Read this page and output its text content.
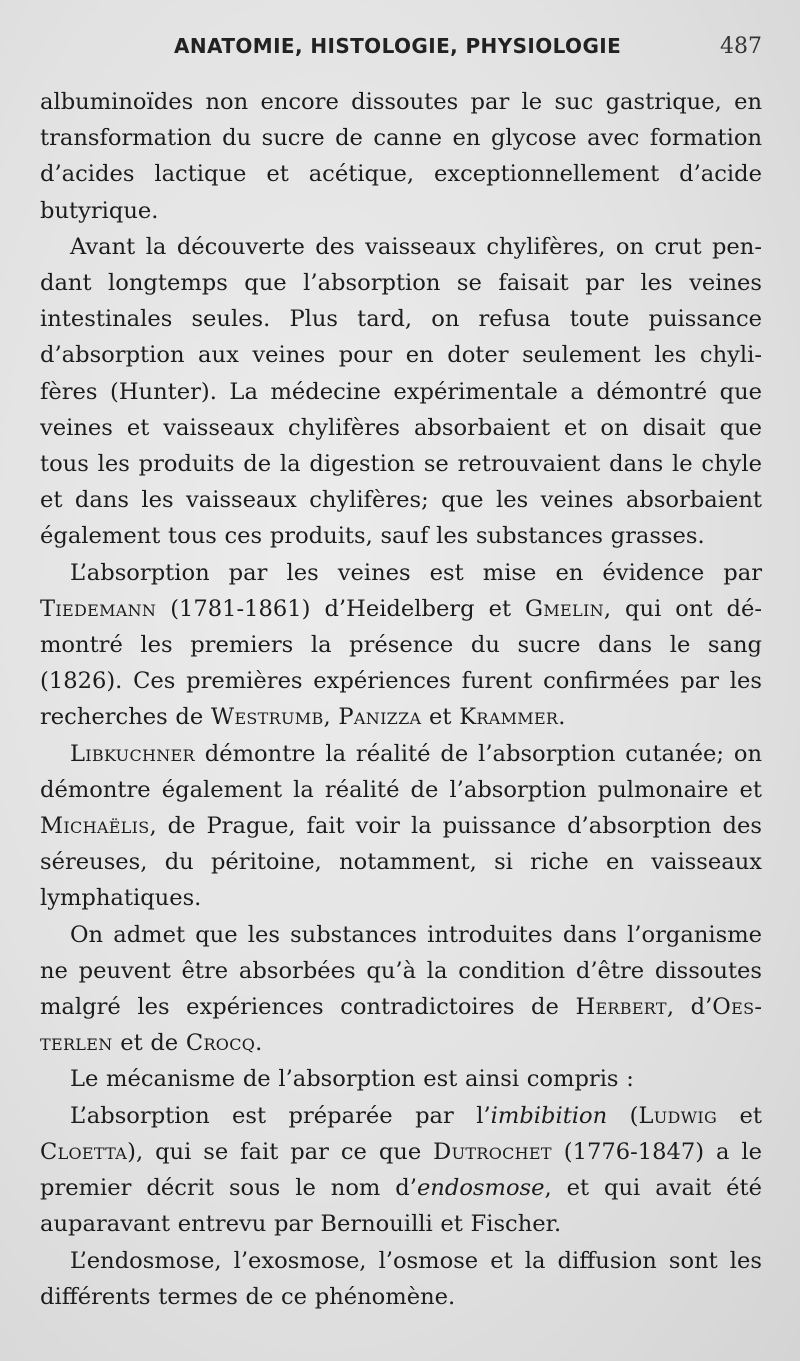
ANATOMIE, HISTOLOGIE, PHYSIOLOGIE	487

albuminoïdes non encore dissoutes par le suc gastrique, en transformation du sucre de canne en glycose avec formation d’acides lactique et acétique, exceptionnellement d’acide butyrique.

Avant la découverte des vaisseaux chylifères, on crut pendant longtemps que l’absorption se faisait par les veines intestinales seules. Plus tard, on refusa toute puissance d’absorption aux veines pour en doter seulement les chylifères (Hunter). La médecine expérimentale a démontré que veines et vaisseaux chylifères absorbaient et on disait que tous les produits de la digestion se retrouvaient dans le chyle et dans les vaisseaux chylifères; que les veines absorbaient également tous ces produits, sauf les substances grasses.

L’absorption par les veines est mise en évidence par Tiedemann (1781-1861) d’Heidelberg et Gmelin, qui ont démontré les premiers la présence du sucre dans le sang (1826). Ces premières expériences furent confirmées par les recherches de Westrumb, Panizza et Krammer.

Libkuchner démontre la réalité de l’absorption cutanée; on démontre également la réalité de l’absorption pulmonaire et Michaëlis, de Prague, fait voir la puissance d’absorption des séreuses, du péritoine, notamment, si riche en vaisseaux lymphatiques.

On admet que les substances introduites dans l’organisme ne peuvent être absorbées qu’à la condition d’être dissoutes malgré les expériences contradictoires de Herbert, d’Oesterlen et de Crocq.

Le mécanisme de l’absorption est ainsi compris :

L’absorption est préparée par l’imbibition (Ludwig et Cloetta), qui se fait par ce que Dutrochet (1776-1847) a le premier décrit sous le nom d’endosmose, et qui avait été auparavant entrevu par Bernouilli et Fischer.

L’endosmose, l’exosmose, l’osmose et la diffusion sont les différents termes de ce phénomène.
